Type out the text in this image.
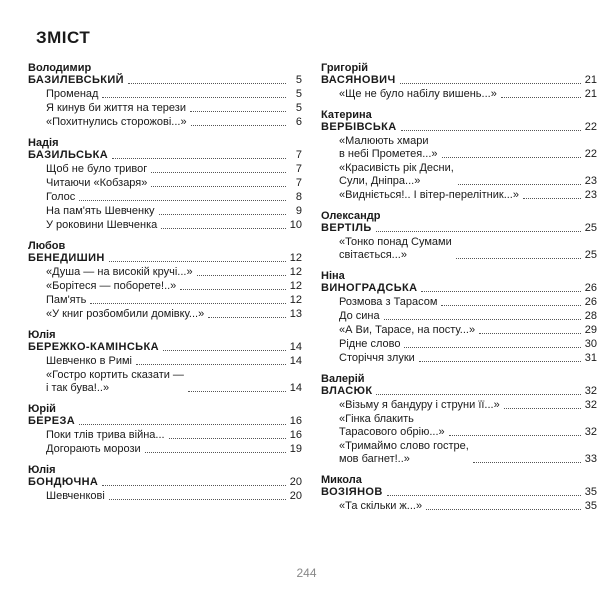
ЗМІСТ
Володимир
БАЗИЛЕВСЬКИЙ	5
Променад	5
Я кинув би життя на терези	5
«Похитнулись сторожові...»	6
Надія
БАЗИЛЬСЬКА	7
Щоб не було тривог	7
Читаючи «Кобзаря»	7
Голос	8
На пам'ять Шевченку	9
У роковини Шевченка	10
Любов
БЕНЕДИШИН	12
«Душа — на високій кручі...»	12
«Борітеся — поборете!..»	12
Пам'ять	12
«У книг розбомбили домівку...»	13
Юлія
БЕРЕЖКО-КАМІНСЬКА	14
Шевченко в Римі	14
«Гостро кортить сказати —
і так бува!..»	14
Юрій
БЕРЕЗА	16
Поки тлів трива війна...	16
Догорають морози	19
Юлія
БОНДЮЧНА	20
Шевченкові	20
Григорій
ВАСЯНОВИЧ	21
«Ще не було набілу вишень...»	21
Катерина
ВЕРБІВСЬКА	22
«Малюють хмари
в небі Прометея...»	22
«Красивість рік Десни,
Сули, Дніпра...»	23
«Видніється!.. І вітер-перелітник...»	23
Олександр
ВЕРТІЛЬ	25
«Тонко понад Сумами
світається...»	25
Ніна
ВИНОГРАДСЬКА	26
Розмова з Тарасом	26
До сина	28
«А Ви, Тарасе, на посту...»	29
Рідне слово	30
Сторіччя злуки	31
Валерій
ВЛАСЮК	32
«Візьму я бандуру і струни її...»	32
«Гінка блакить
Тарасового обрію...»	32
«Тримаймо слово гостре,
мов багнет!..»	33
Микола
ВОЗІЯНОВ	35
«Та скільки ж...»	35
244
